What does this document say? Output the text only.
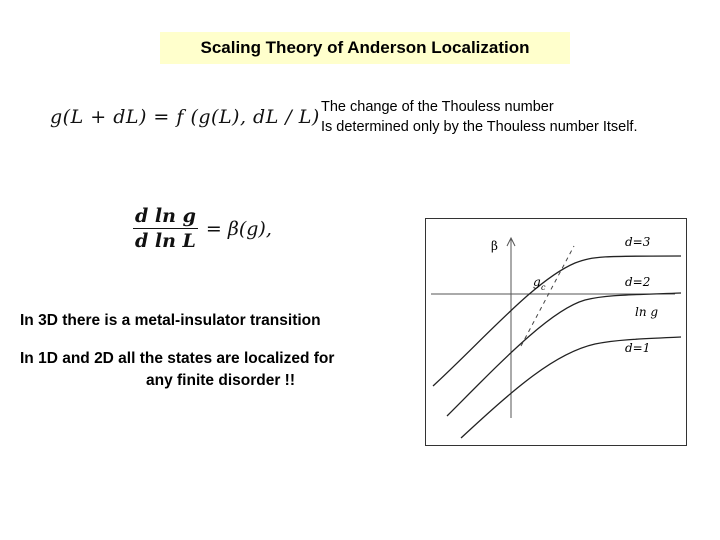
Scaling Theory of Anderson Localization
g(L + dL) = f (g(L), dL / L)
$\frac{\text{d ln g}}{\text{d ln L}} = \beta(g)$,
The change of the Thouless number
Is determined only by the Thouless number Itself.
In 3D there is a metal-insulator transition
In 1D and 2D all the states are localized for
any finite disorder !!
β
g c
d=3
d=2
ln g
d=1
